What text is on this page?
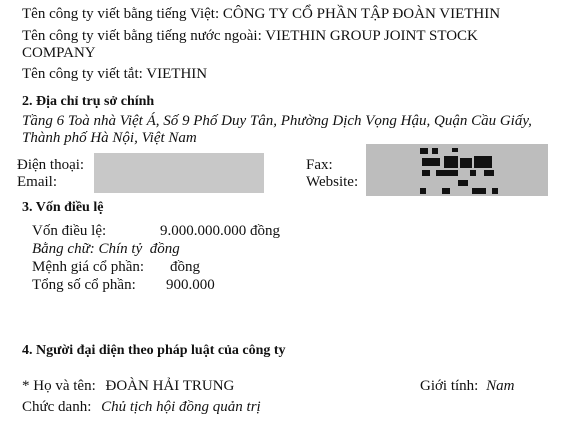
Tên công ty viết bằng tiếng Việt: CÔNG TY CỔ PHẦN TẬP ĐOÀN VIETHIN
Tên công ty viết bằng tiếng nước ngoài: VIETHIN GROUP JOINT STOCK
COMPANY
Tên công ty viết tắt: VIETHIN
2. Địa chỉ trụ sở chính
Tầng 6 Toà nhà Việt Á, Số 9 Phố Duy Tân, Phường Dịch Vọng Hậu, Quận Cầu Giấy,
Thành phố Hà Nội, Việt Nam
Điện thoại:
Email:
Fax:
Website:
3. Vốn điều lệ
Vốn điều lệ:	9.000.000.000 đồng
Bằng chữ: Chín tỷ  đồng
Mệnh giá cổ phần: đồng
Tổng số cổ phần: 900.000
4. Người đại diện theo pháp luật của công ty
* Họ và tên: ĐOÀN HẢI TRUNG	Giới tính: Nam
Chức danh: Chủ tịch hội đồng quản trị
